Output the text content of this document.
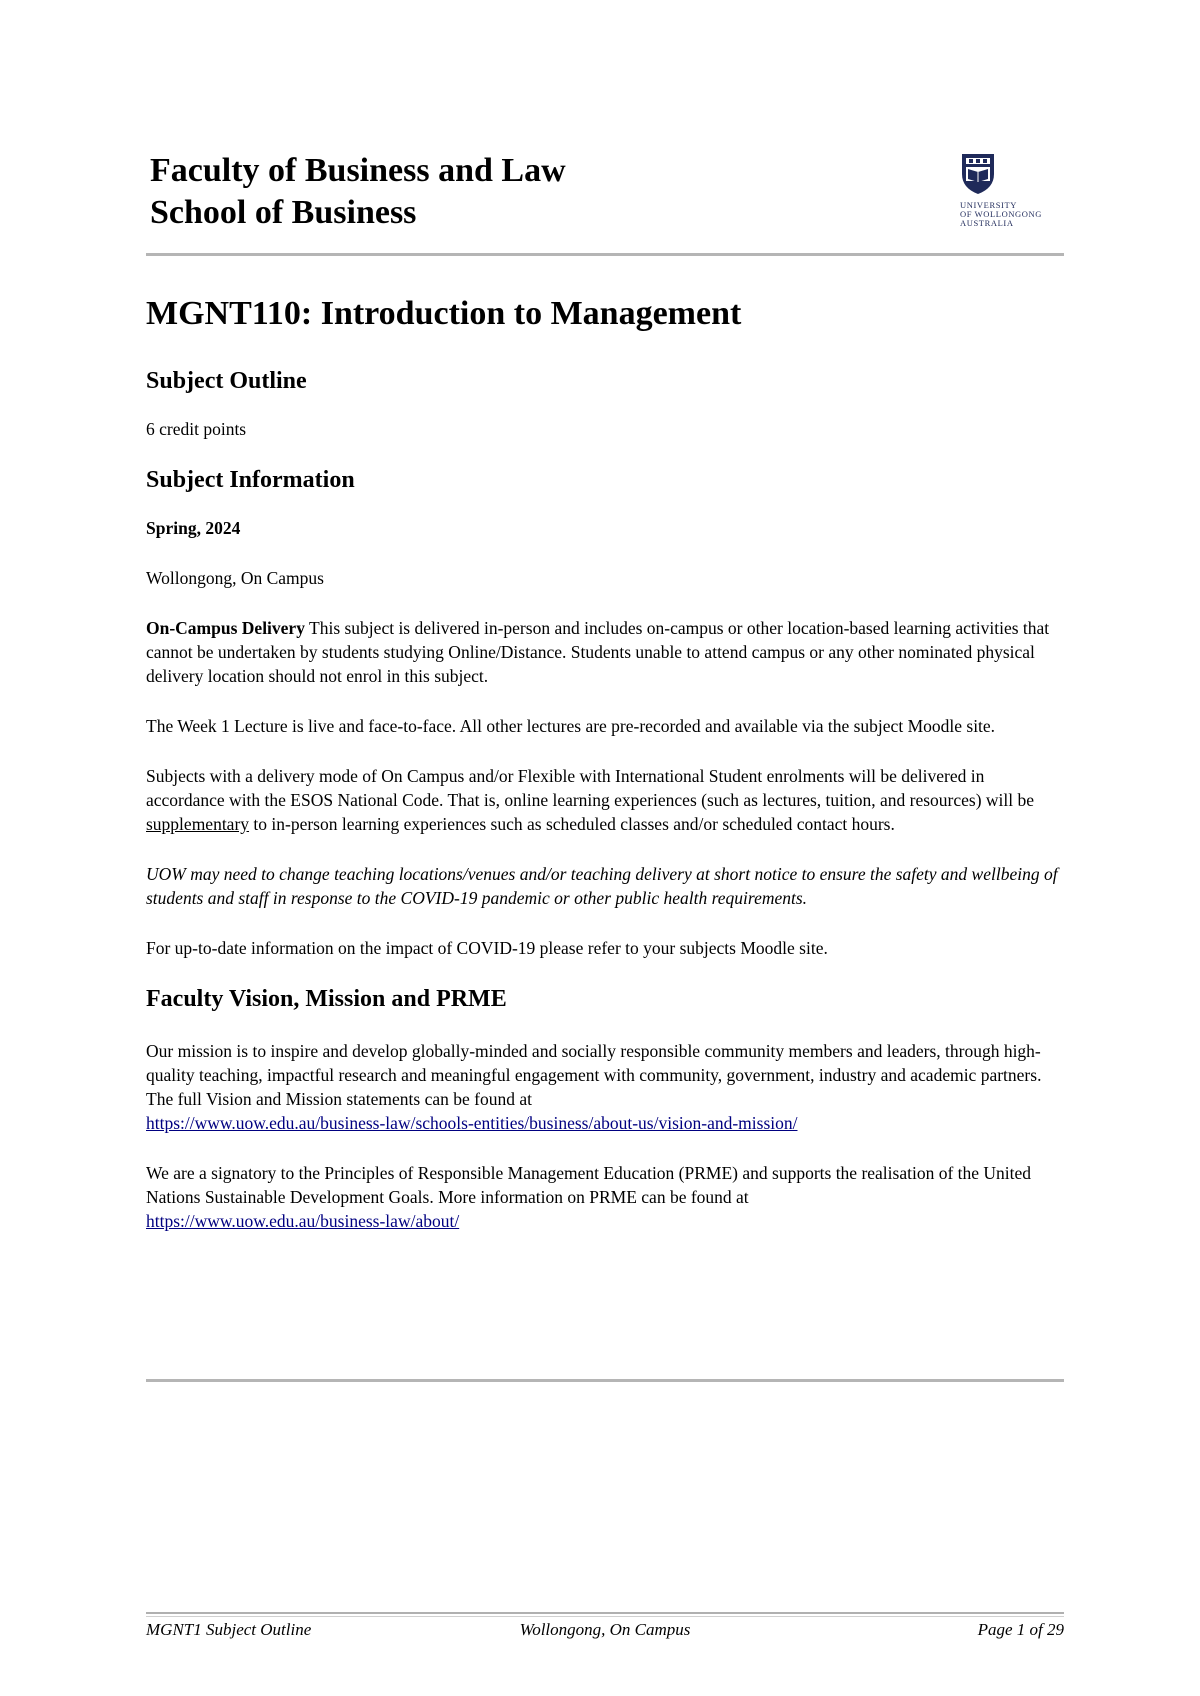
Faculty of Business and Law

School of Business	UNIVERSITY
OF WOLLONGONG
AUSTRALIA
MGNT110: Introduction to Management
Subject Outline

6 credit points

Subject Information

Spring, 2024

Wollongong, On Campus

On-Campus Delivery This subject is delivered in-person and includes on-campus or other location-based learning activities that cannot be undertaken by students studying Online/Distance. Students unable to attend campus or any other nominated physical delivery location should not enrol in this subject.

The Week 1 Lecture is live and face-to-face. All other lectures are pre-recorded and available via the subject Moodle site.

Subjects with a delivery mode of On Campus and/or Flexible with International Student enrolments will be delivered in accordance with the ESOS National Code. That is, online learning experiences (such as lectures, tuition, and resources) will be supplementary to in-person learning experiences such as scheduled classes and/or scheduled contact hours.

UOW may need to change teaching locations/venues and/or teaching delivery at short notice to ensure the safety and wellbeing of students and staff in response to the COVID-19 pandemic or other public health requirements.

For up-to-date information on the impact of COVID-19 please refer to your subjects Moodle site.

Faculty Vision, Mission and PRME

Our mission is to inspire and develop globally-minded and socially responsible community members and leaders, through high-quality teaching, impactful research and meaningful engagement with community, government, industry and academic partners. The full Vision and Mission statements can be found at
https://www.uow.edu.au/business-law/schools-entities/business/about-us/vision-and-mission/

We are a signatory to the Principles of Responsible Management Education (PRME) and supports the realisation of the United Nations Sustainable Development Goals. More information on PRME can be found at
https://www.uow.edu.au/business-law/about/

MGNT1 Subject Outline	Wollongong, On Campus	Page 1 of 29
